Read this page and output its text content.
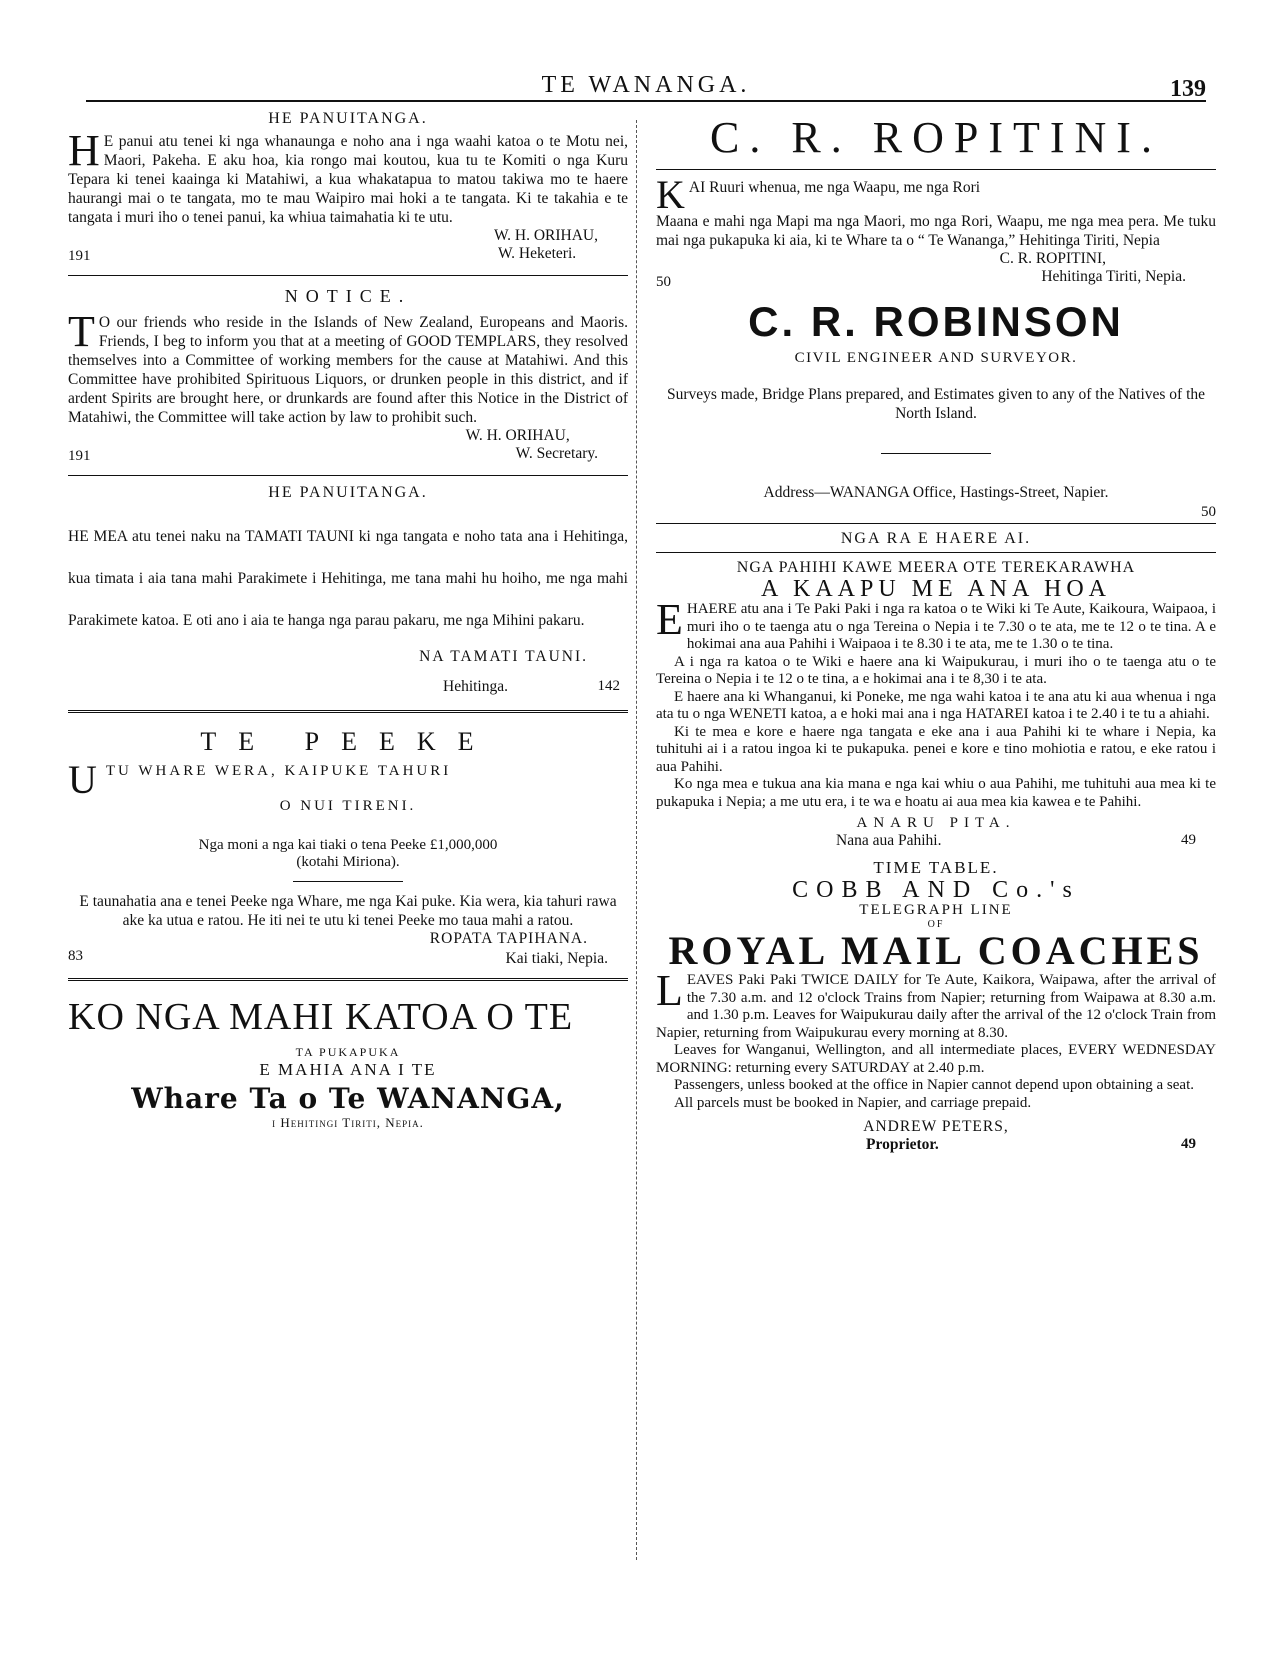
TE WANANGA.	139
HE PANUITANGA.

H E panui atu tenei ki nga whanaunga e noho ana i nga waahi katoa o te Motu nei, Maori, Pakeha. E aku hoa, kia rongo mai koutou, kua tu te Komiti o nga Kuru Tepara ki tenei kaainga ki Matahiwi, a kua whakatapua to matou takiwa mo te haere haurangi mai o te tangata, mo te mau Waipiro mai hoki a te tangata. Ki te takahia e te tangata i muri iho o tenei panui, ka whiua taimahatia ki te utu.

191
W. H. ORIHAU,
W. Heketeri.
NOTICE.

T O our friends who reside in the Islands of New Zealand, Europeans and Maoris. Friends, I beg to inform you that at a meeting of GOOD TEMPLARS, they resolved themselves into a Committee of working members for the cause at Matahiwi. And this Committee have prohibited Spirituous Liquors, or drunken people in this district, and if ardent Spirits are brought here, or drunkards are found after this Notice in the District of Matahiwi, the Committee will take action by law to prohibit such.

191
W. H. ORIHAU,
W. Secretary.
HE PANUITANGA.

HE MEA atu tenei naku na TAMATI TAUNI ki nga tangata e noho tata ana i Hehitinga, kua timata i aia tana mahi Parakimete i Hehitinga, me tana mahi hu hoiho, me nga mahi Parakimete katoa. E oti ano i aia te hanga nga parau pakaru, me nga Mihini pakaru.

NA TAMATI TAUNI.
Hehitinga.	142
TE PEEKE
UTU WHARE WERA, KAIPUKE TAHURI
O NUI TIRENI.
Nga moni a nga kai tiaki o tena Peeke £1,000,000
(kotahi Miriona).

E taunahatia ana e tenei Peeke nga Whare, me nga Kai puke. Kia wera, kia tahuri rawa ake ka utua e ratou. He iti nei te utu ki tenei Peeke mo taua mahi a ratou.

ROPATA TAPIHANA.
83	Kai tiaki, Nepia.
KO NGA MAHI KATOA O TE
TA PUKAPUKA
E MAHIA ANA I TE
Whare Ta o Te WANANGA,
i Hehitingi Tiriti, Nepia.
C. R. ROPITINI.

KAI Ruuri whenua, me nga Waapu, me nga Rori

Maana e mahi nga Mapi ma nga Maori, mo nga Rori, Waapu, me nga mea pera. Me tuku mai nga pukapuka ki aia, ki te Whare ta o “ Te Wananga,” Hehitinga Tiriti, Nepia

C. R. ROPITINI,
50	Hehitinga Tiriti, Nepia.
C. R. ROBINSON
CIVIL ENGINEER AND SURVEYOR.

Surveys made, Bridge Plans prepared, and Estimates given to any of the Natives of the North Island.

Address—WANANGA Office, Hastings-Street, Napier.
50
NGA RA E HAERE AI.
NGA PAHIHI KAWE MEERA OTE TEREKARAWHA
A KAAPU ME ANA HOA

EHAERE atu ana i Te Paki Paki i nga ra katoa o te Wiki ki Te Aute, Kaikoura, Waipaoa, i muri iho o te taenga atu o nga Tereina o Nepia i te 7.30 o te ata, me te 12 o te tina. A e hokimai ana aua Pahihi i Waipaoa i te 8.30 i te ata, me te 1.30 o te tina.

A i nga ra katoa o te Wiki e haere ana ki Waipukurau, i muri iho o te taenga atu o te Tereina o Nepia i te 12 o te tina, a e hokimai ana i te 8,30 i te ata.

E haere ana ki Whanganui, ki Poneke, me nga wahi katoa i te ana atu ki aua whenua i nga ata tu o nga WENETI katoa, a e hoki mai ana i nga HATAREI katoa i te 2.40 i te tu a ahiahi.

Ki te mea e kore e haere nga tangata e eke ana i aua Pahihi ki te whare i Nepia, ka tuhituhi ai i a ratou ingoa ki te pukapuka. penei e kore e tino mohiotia e ratou, e eke ratou i aua Pahihi.

Ko nga mea e tukua ana kia mana e nga kai whiu o aua Pahihi, me tuhituhi aua mea ki te pukapuka i Nepia; a me utu era, i te wa e hoatu ai aua mea kia kawea e te Pahihi.

ANARU PITA.
Nana aua Pahihi.	49
TIME TABLE.
COBB AND Co.'s
TELEGRAPH LINE
OF
ROYAL MAIL COACHES

LEAVES Paki Paki TWICE DAILY for Te Aute, Kaikora, Waipawa, after the arrival of the 7.30 a.m. and 12 o'clock Trains from Napier; returning from Waipawa at 8.30 a.m. and 1.30 p.m. Leaves for Waipukurau daily after the arrival of the 12 o'clock Train from Napier, returning from Waipukurau every morning at 8.30.

Leaves for Wanganui, Wellington, and all intermediate places, EVERY WEDNESDAY MORNING: returning every SATURDAY at 2.40 p.m.

Passengers, unless booked at the office in Napier cannot depend upon obtaining a seat.

All parcels must be booked in Napier, and carriage prepaid.

ANDREW PETERS,
Proprietor.	49
